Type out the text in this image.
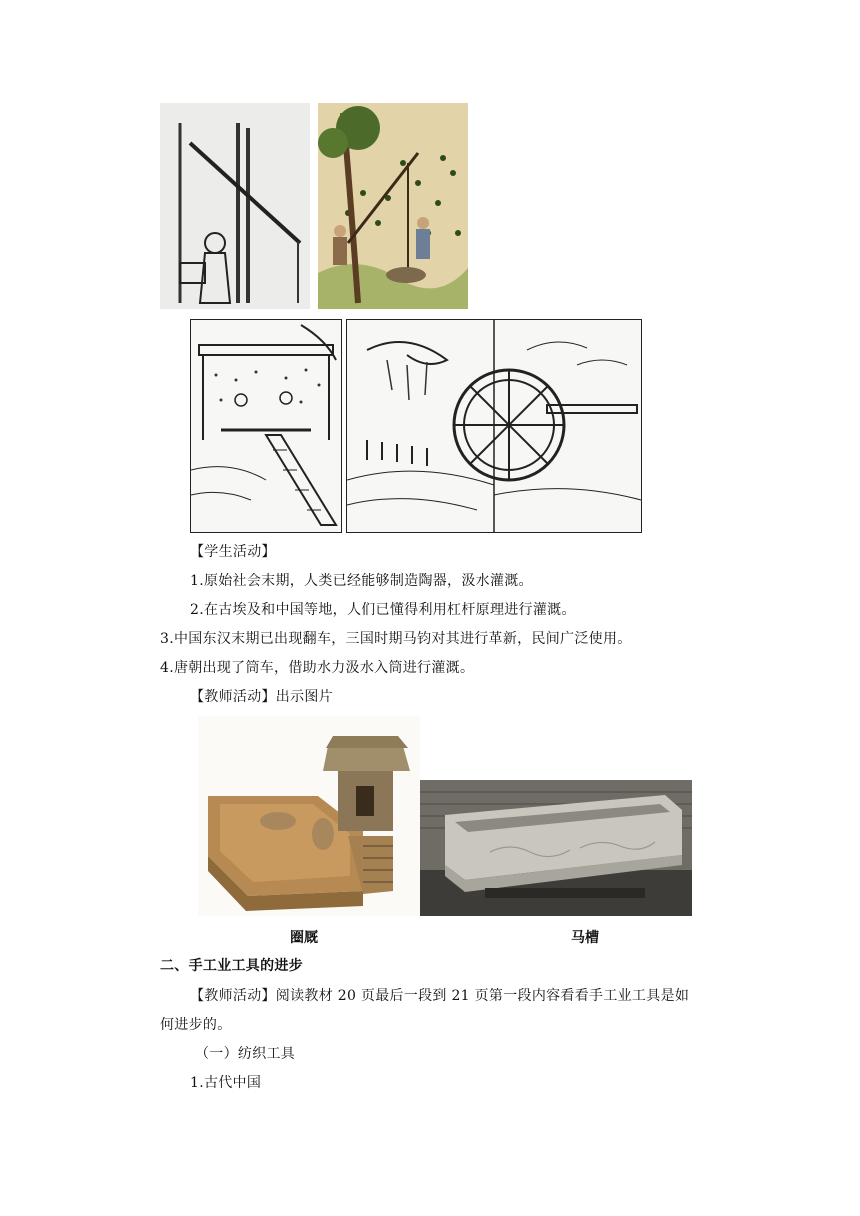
【学生活动】
1.原始社会末期，人类已经能够制造陶器，汲水灌溉。
2.在古埃及和中国等地，人们已懂得利用杠杆原理进行灌溉。
3.中国东汉末期已出现翻车，三国时期马钧对其进行革新，民间广泛使用。
4.唐朝出现了筒车，借助水力汲水入筒进行灌溉。
【教师活动】出示图片
圈厩	马槽
二、手工业工具的进步
【教师活动】阅读教材 20 页最后一段到 21 页第一段内容看看手工业工具是如
何进步的。
（一）纺织工具
1.古代中国
